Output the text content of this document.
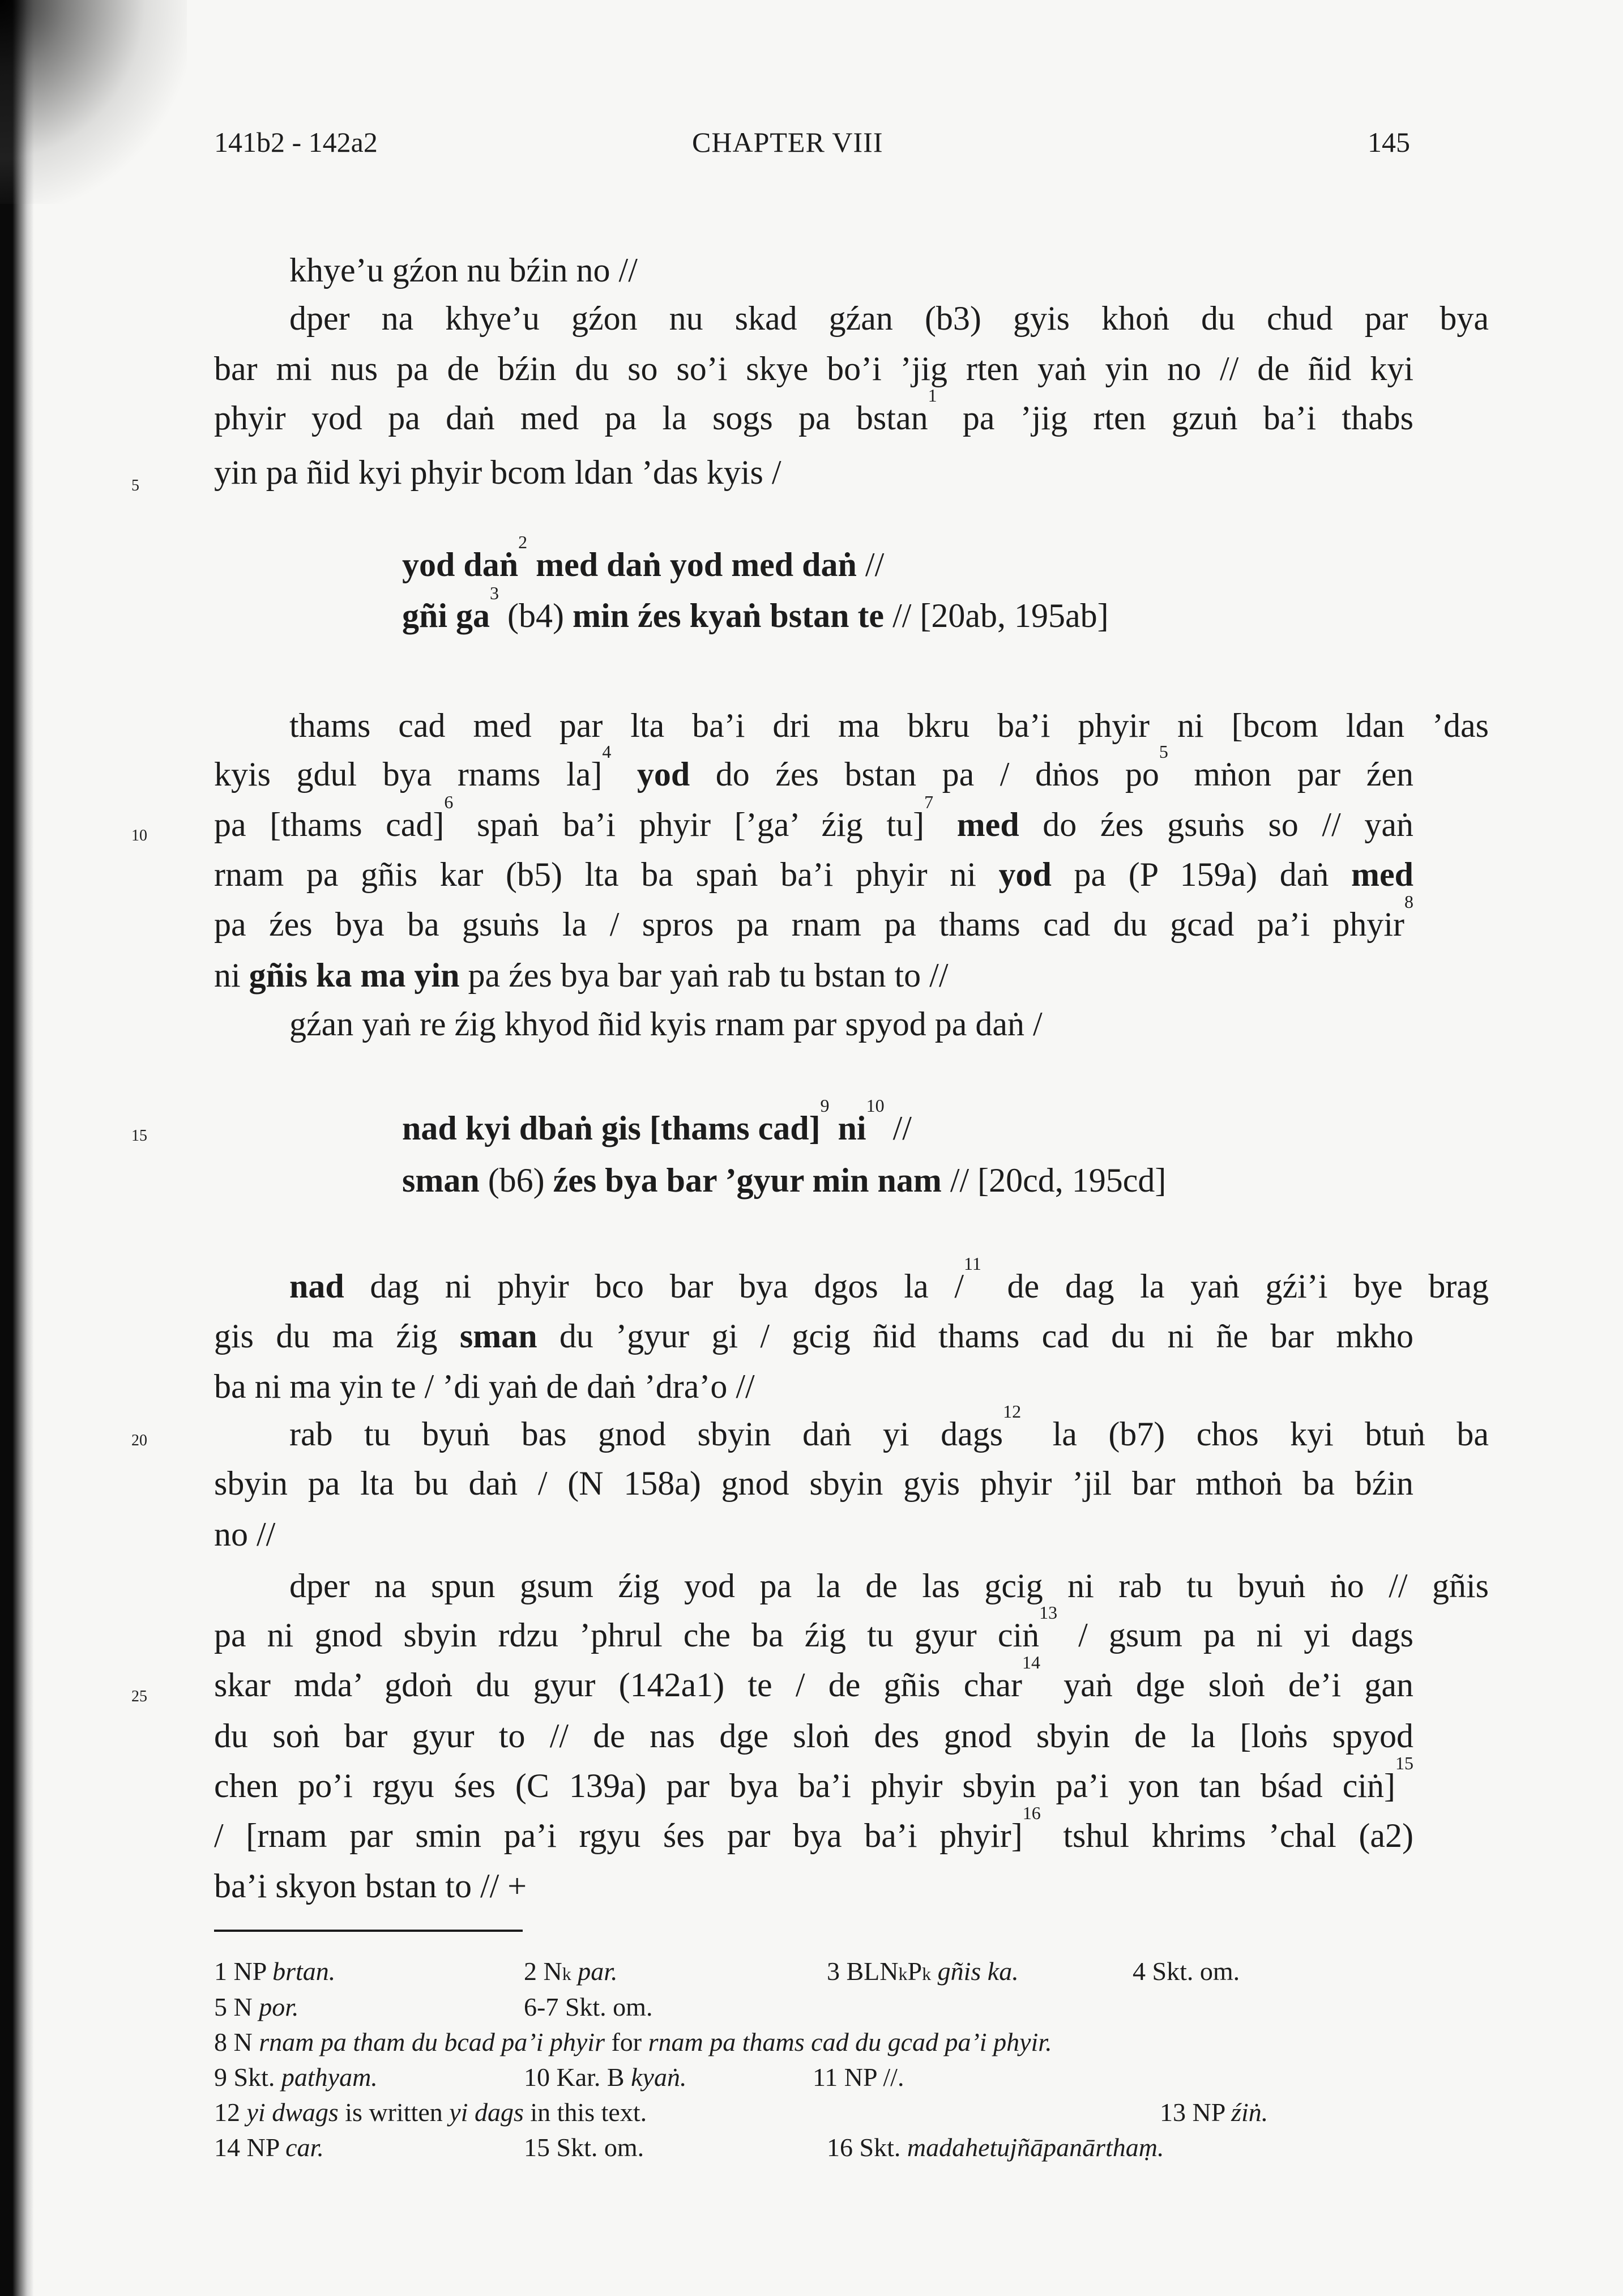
141b2 - 142a2	CHAPTER VIII	145
5
10
15
20
25
khye’u gźon nu bźin no //
dper na khye’u gźon nu skad gźan (b3) gyis khoṅ du chud par bya
bar mi nus pa de bźin du so so’i skye bo’i ’jig rten yaṅ yin no // de ñid kyi
phyir yod pa daṅ med pa la sogs pa bstan$^1$ pa ’jig rten gzuṅ ba’i thabs
yin pa ñid kyi phyir bcom ldan ’das kyis /
yod daṅ$^2$ med daṅ yod med daṅ //
gñi $ga^3$ (b4) min źes kyaṅ bstan te // [20ab, 195ab]
thams cad med par lta ba’i dri ma bkru ba’i phyir ni [bcom ldan ’das
kyis gdul bya rnams la]$^4$ yod do źes bstan pa / dṅos $po^5$ mṅon par źen
pa [thams cad]$^6$ spaṅ ba’i phyir [’ga’ źig tu]$^7$ med do źes gsuṅs so // yaṅ
rnam pa gñis kar (b5) lta ba spaṅ ba’i phyir ni yod pa (P 159a) daṅ med
pa źes bya ba gsuṅs la / spros pa rnam pa thams cad du gcad pa’i phyir$^8$
ni gñis ka ma yin pa źes bya bar yaṅ rab tu bstan to //
gźan yaṅ re źig khyod ñid kyis rnam par spyod pa daṅ /
nad kyi dbaṅ gis [thams cad]$^9$ $ni^{10}$ //
sman (b6) źes bya bar ’gyur min nam // [20cd, 195cd]
nad dag ni phyir bco bar bya dgos la /$^{11}$ de dag la yaṅ gźi’i bye brag
gis du ma źig sman du ’gyur gi / gcig ñid thams cad du ni ñe bar mkho
ba ni ma yin te / ’di yaṅ de daṅ ’dra’o //
rab tu byuṅ bas gnod sbyin daṅ yi dags$^{12}$ la (b7) chos kyi btuṅ ba
sbyin pa lta bu daṅ / (N 158a) gnod sbyin gyis phyir ’jil bar mthoṅ ba bźin
no //
dper na spun gsum źig yod pa la de las gcig ni rab tu byuṅ ṅo // gñis
pa ni gnod sbyin rdzu ’phrul che ba źig tu gyur ciṅ$^{13}$ / gsum pa ni yi dags
skar mda’ gdoṅ du gyur (142a1) te / de gñis char$^{14}$ yaṅ dge sloṅ de’i gan
du soṅ bar gyur to // de nas dge sloṅ des gnod sbyin de la [loṅs spyod
chen po’i rgyu śes (C 139a) par bya ba’i phyir sbyin pa’i yon tan bśad ciṅ]$^{15}$
/ [rnam par smin pa’i rgyu śes par bya ba’i phyir]$^{16}$ tshul khrims ’chal (a2)
ba’i skyon bstan to // +
1 NP brtan.	2 Nk par.	3 BLNkPk gñis ka.	4 Skt. om.
5 N por.	6-7 Skt. om.
8 N rnam pa tham du bcad pa’i phyir for rnam pa thams cad du gcad pa’i phyir.
9 Skt. pathyam.	10 Kar. B kyaṅ.	11 NP //.
12 yi dwags is written yi dags in this text.	13 NP źiṅ.
14 NP car.	15 Skt. om.	16 Skt. madahetujñāpanārthaṃ.
